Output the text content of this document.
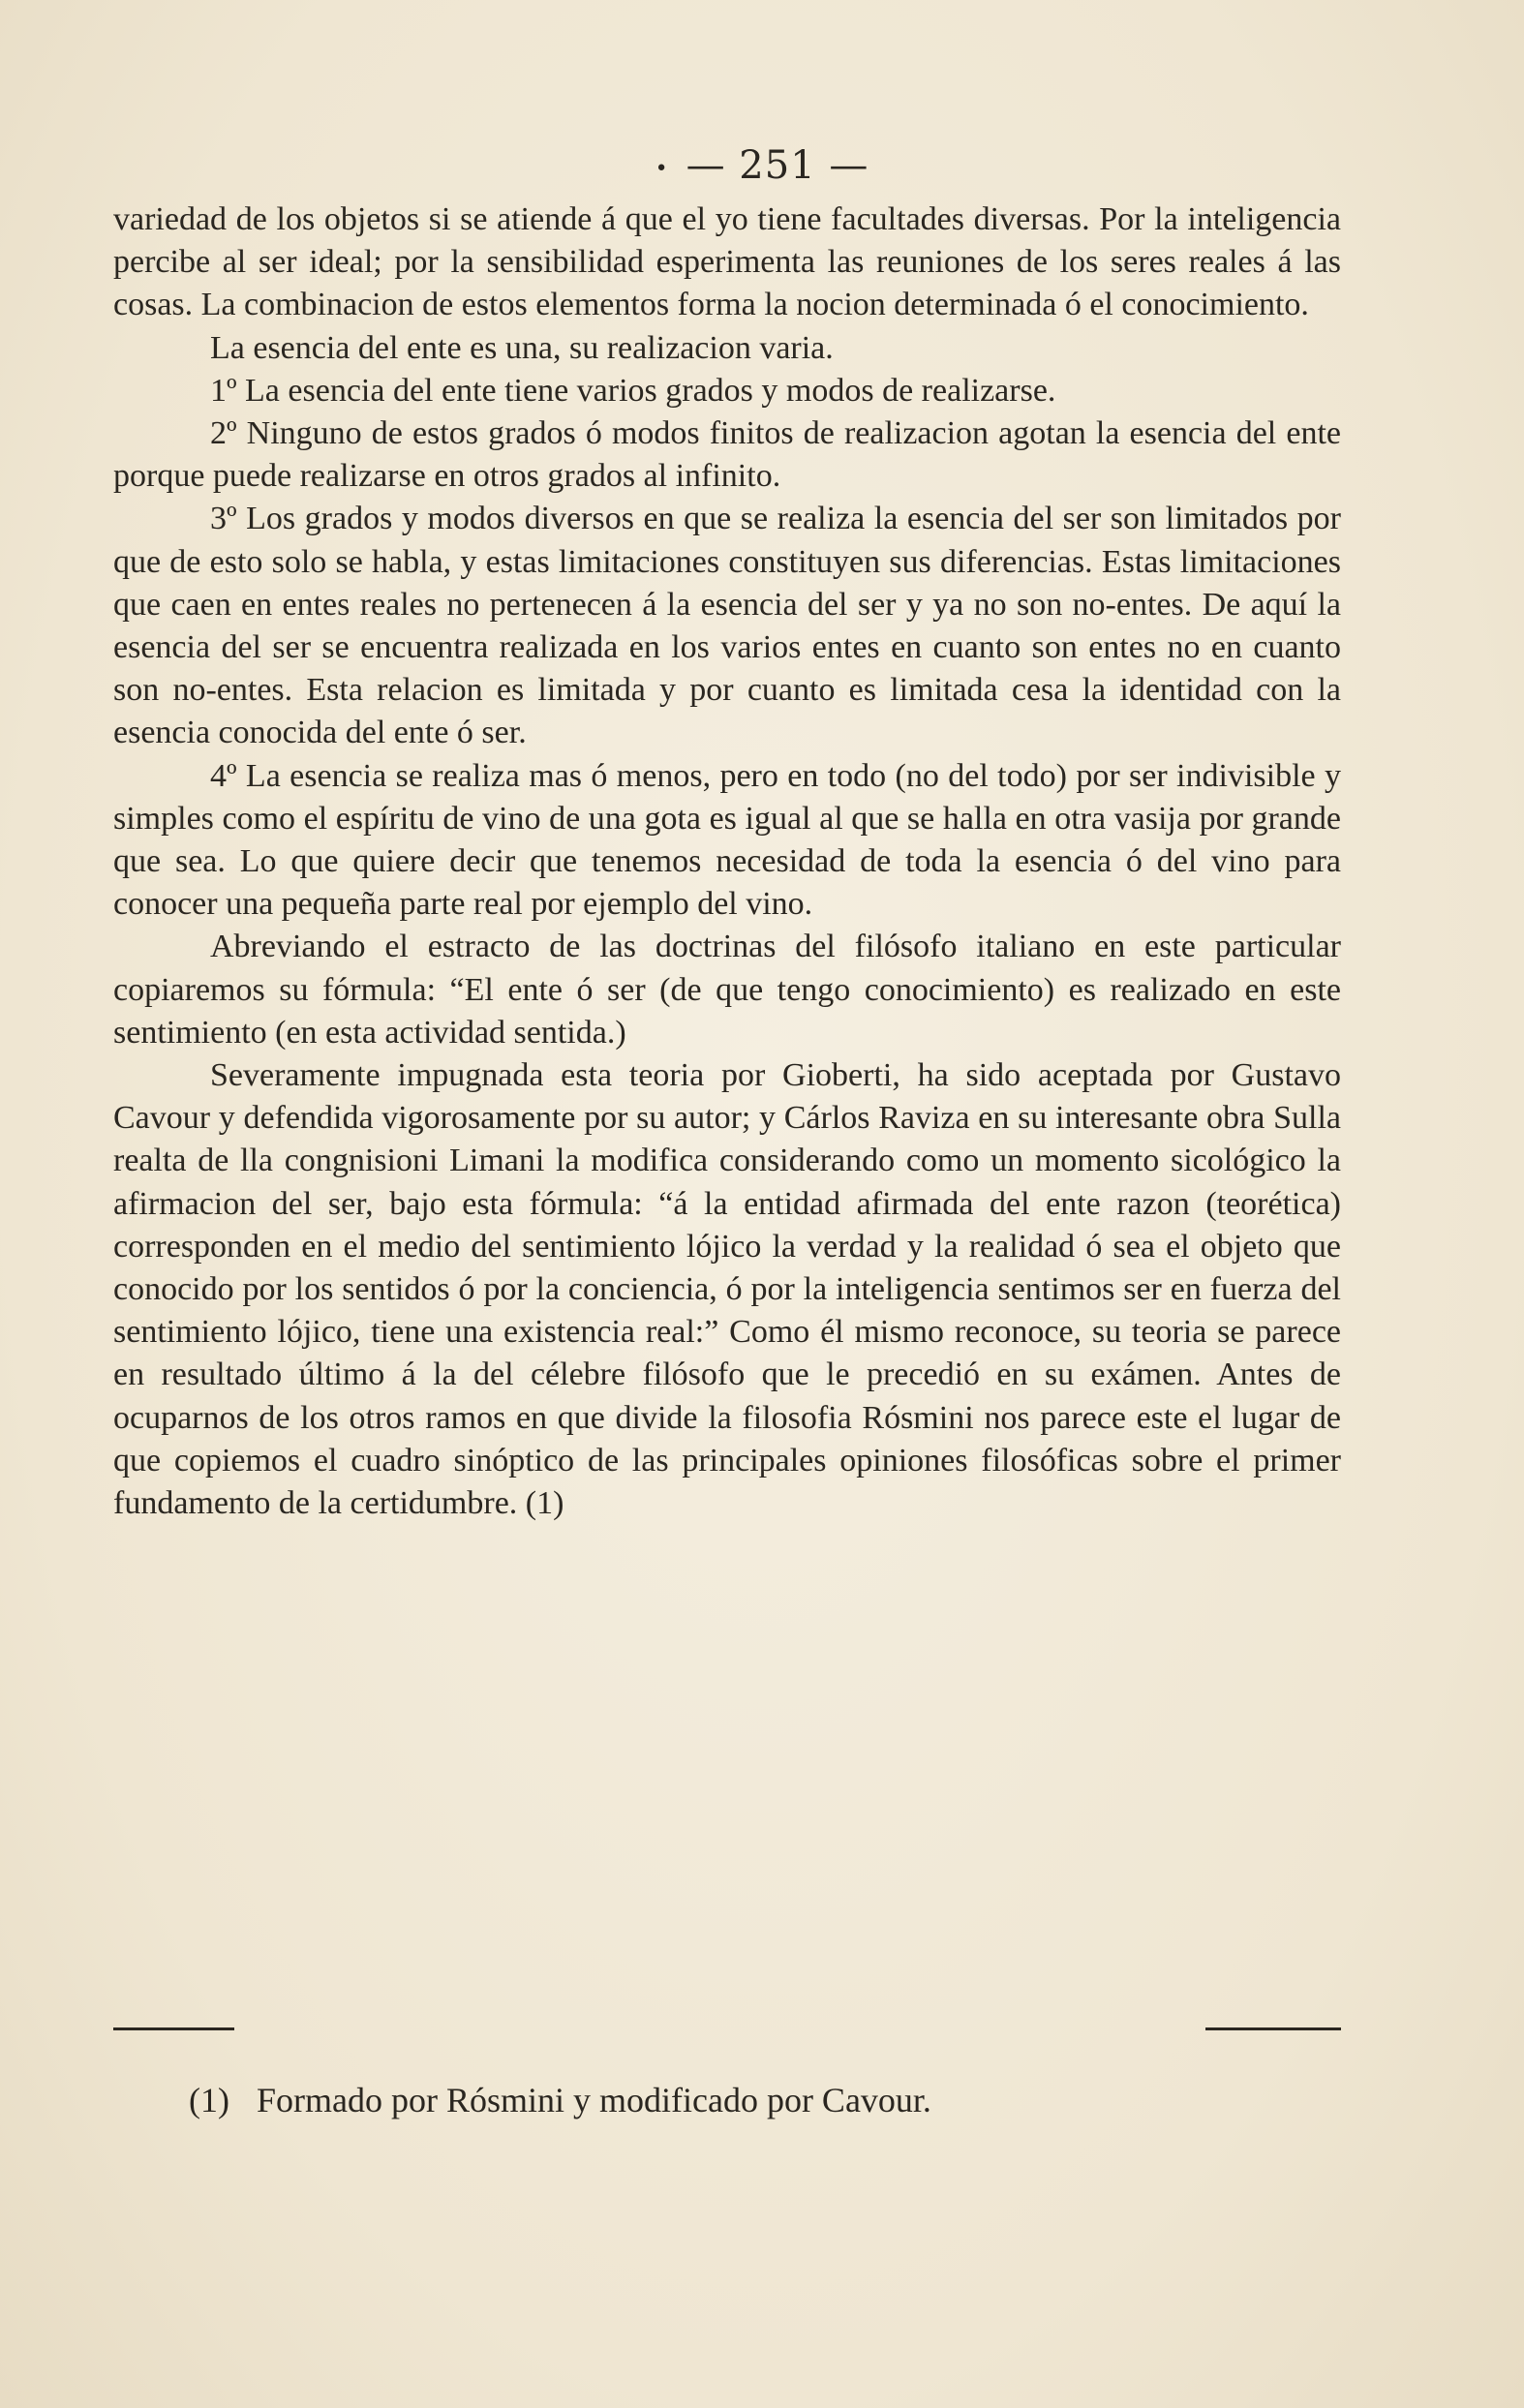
• — 251 —

variedad de los objetos si se atiende á que el yo tiene facultades diversas. Por la inteligencia percibe al ser ideal; por la sensibilidad esperimenta las reuniones de los seres reales á las cosas. La combinacion de estos elementos forma la nocion determinada ó el conocimiento.

La esencia del ente es una, su realizacion varia.

1º La esencia del ente tiene varios grados y modos de realizarse.

2º Ninguno de estos grados ó modos finitos de realizacion agotan la esencia del ente porque puede realizarse en otros grados al infinito.

3º Los grados y modos diversos en que se realiza la esencia del ser son limitados por que de esto solo se habla, y estas limitaciones constituyen sus diferencias. Estas limitaciones que caen en entes reales no pertenecen á la esencia del ser y ya no son no-entes. De aquí la esencia del ser se encuentra realizada en los varios entes en cuanto son entes no en cuanto son no-entes. Esta relacion es limitada y por cuanto es limitada cesa la identidad con la esencia conocida del ente ó ser.

4º La esencia se realiza mas ó menos, pero en todo (no del todo) por ser indivisible y simples como el espíritu de vino de una gota es igual al que se halla en otra vasija por grande que sea. Lo que quiere decir que tenemos necesidad de toda la esencia ó del vino para conocer una pequeña parte real por ejemplo del vino.

Abreviando el estracto de las doctrinas del filósofo italiano en este particular copiaremos su fórmula: “El ente ó ser (de que tengo conocimiento) es realizado en este sentimiento (en esta actividad sentida.)

Severamente impugnada esta teoria por Gioberti, ha sido aceptada por Gustavo Cavour y defendida vigorosamente por su autor; y Cárlos Raviza en su interesante obra Sulla realta de lla congnisioni Limani la modifica considerando como un momento sicológico la afirmacion del ser, bajo esta fórmula: “á la entidad afirmada del ente razon (teorética) corresponden en el medio del sentimiento lójico la verdad y la realidad ó sea el objeto que conocido por los sentidos ó por la conciencia, ó por la inteligencia sentimos ser en fuerza del sentimiento lójico, tiene una existencia real:” Como él mismo reconoce, su teoria se parece en resultado último á la del célebre filósofo que le precedió en su exámen. Antes de ocuparnos de los otros ramos en que divide la filosofia Rósmini nos parece este el lugar de que copiemos el cuadro sinóptico de las principales opiniones filosóficas sobre el primer fundamento de la certidumbre. (1)

(1) Formado por Rósmini y modificado por Cavour.
